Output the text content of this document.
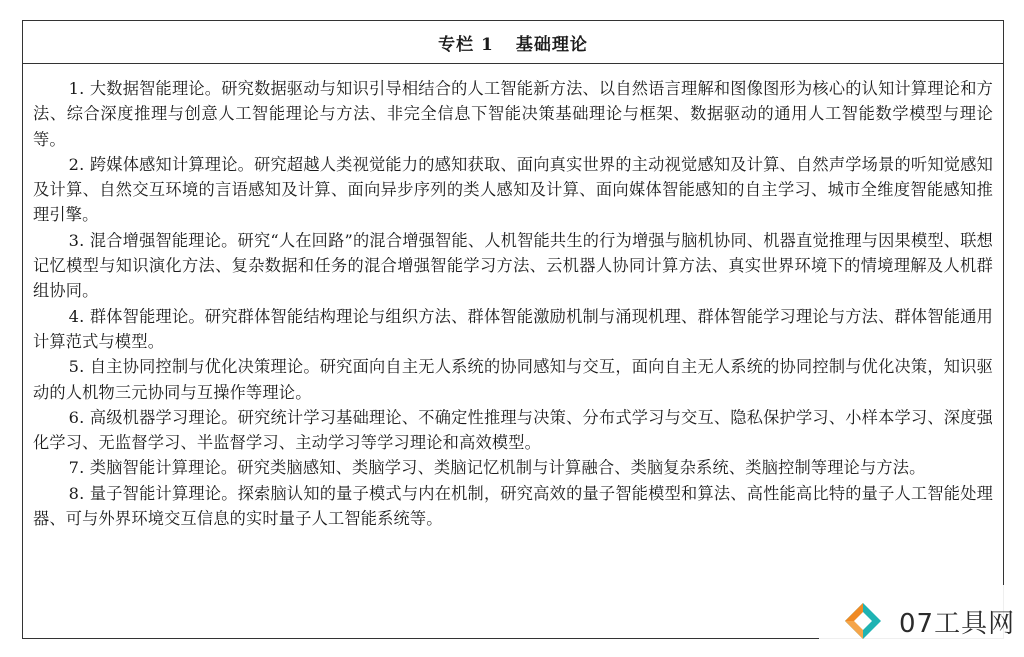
专栏 1 基础理论

1. 大数据智能理论。研究数据驱动与知识引导相结合的人工智能新方法、以自然语言理解和图像图形为核心的认知计算理论和方法、综合深度推理与创意人工智能理论与方法、非完全信息下智能决策基础理论与框架、数据驱动的通用人工智能数学模型与理论等。

2. 跨媒体感知计算理论。研究超越人类视觉能力的感知获取、面向真实世界的主动视觉感知及计算、自然声学场景的听知觉感知及计算、自然交互环境的言语感知及计算、面向异步序列的类人感知及计算、面向媒体智能感知的自主学习、城市全维度智能感知推理引擎。

3. 混合增强智能理论。研究“人在回路”的混合增强智能、人机智能共生的行为增强与脑机协同、机器直觉推理与因果模型、联想记忆模型与知识演化方法、复杂数据和任务的混合增强智能学习方法、云机器人协同计算方法、真实世界环境下的情境理解及人机群组协同。

4. 群体智能理论。研究群体智能结构理论与组织方法、群体智能激励机制与涌现机理、群体智能学习理论与方法、群体智能通用计算范式与模型。

5. 自主协同控制与优化决策理论。研究面向自主无人系统的协同感知与交互，面向自主无人系统的协同控制与优化决策，知识驱动的人机物三元协同与互操作等理论。

6. 高级机器学习理论。研究统计学习基础理论、不确定性推理与决策、分布式学习与交互、隐私保护学习、小样本学习、深度强化学习、无监督学习、半监督学习、主动学习等学习理论和高效模型。

7. 类脑智能计算理论。研究类脑感知、类脑学习、类脑记忆机制与计算融合、类脑复杂系统、类脑控制等理论与方法。

8. 量子智能计算理论。探索脑认知的量子模式与内在机制，研究高效的量子智能模型和算法、高性能高比特的量子人工智能处理器、可与外界环境交互信息的实时量子人工智能系统等。

07工具网
